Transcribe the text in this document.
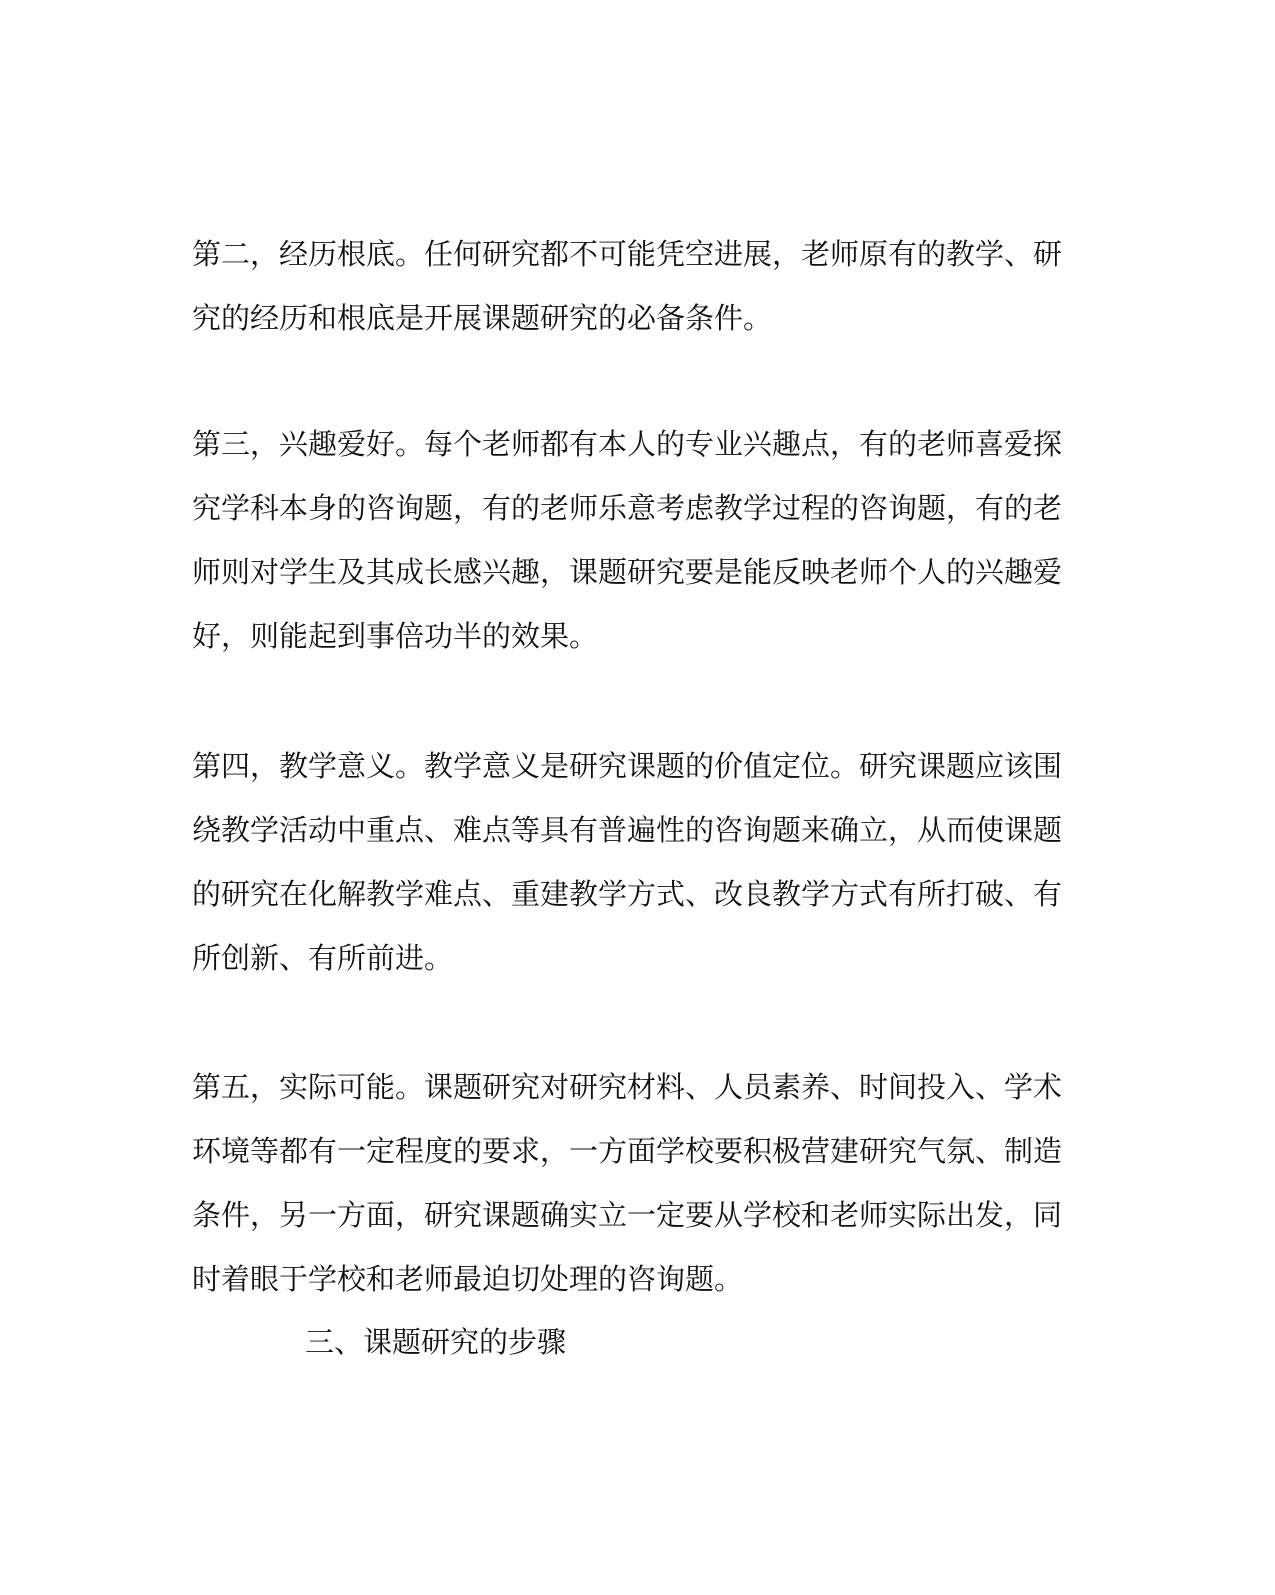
第二，经历根底。任何研究都不可能凭空进展，老师原有的教学、研
究的经历和根底是开展课题研究的必备条件。
第三，兴趣爱好。每个老师都有本人的专业兴趣点，有的老师喜爱探
究学科本身的咨询题，有的老师乐意考虑教学过程的咨询题，有的老
师则对学生及其成长感兴趣，课题研究要是能反映老师个人的兴趣爱
好，则能起到事倍功半的效果。
第四，教学意义。教学意义是研究课题的价值定位。研究课题应该围
绕教学活动中重点、难点等具有普遍性的咨询题来确立，从而使课题
的研究在化解教学难点、重建教学方式、改良教学方式有所打破、有
所创新、有所前进。
第五，实际可能。课题研究对研究材料、人员素养、时间投入、学术
环境等都有一定程度的要求，一方面学校要积极营建研究气氛、制造
条件，另一方面，研究课题确实立一定要从学校和老师实际出发，同
时着眼于学校和老师最迫切处理的咨询题。
三、课题研究的步骤
